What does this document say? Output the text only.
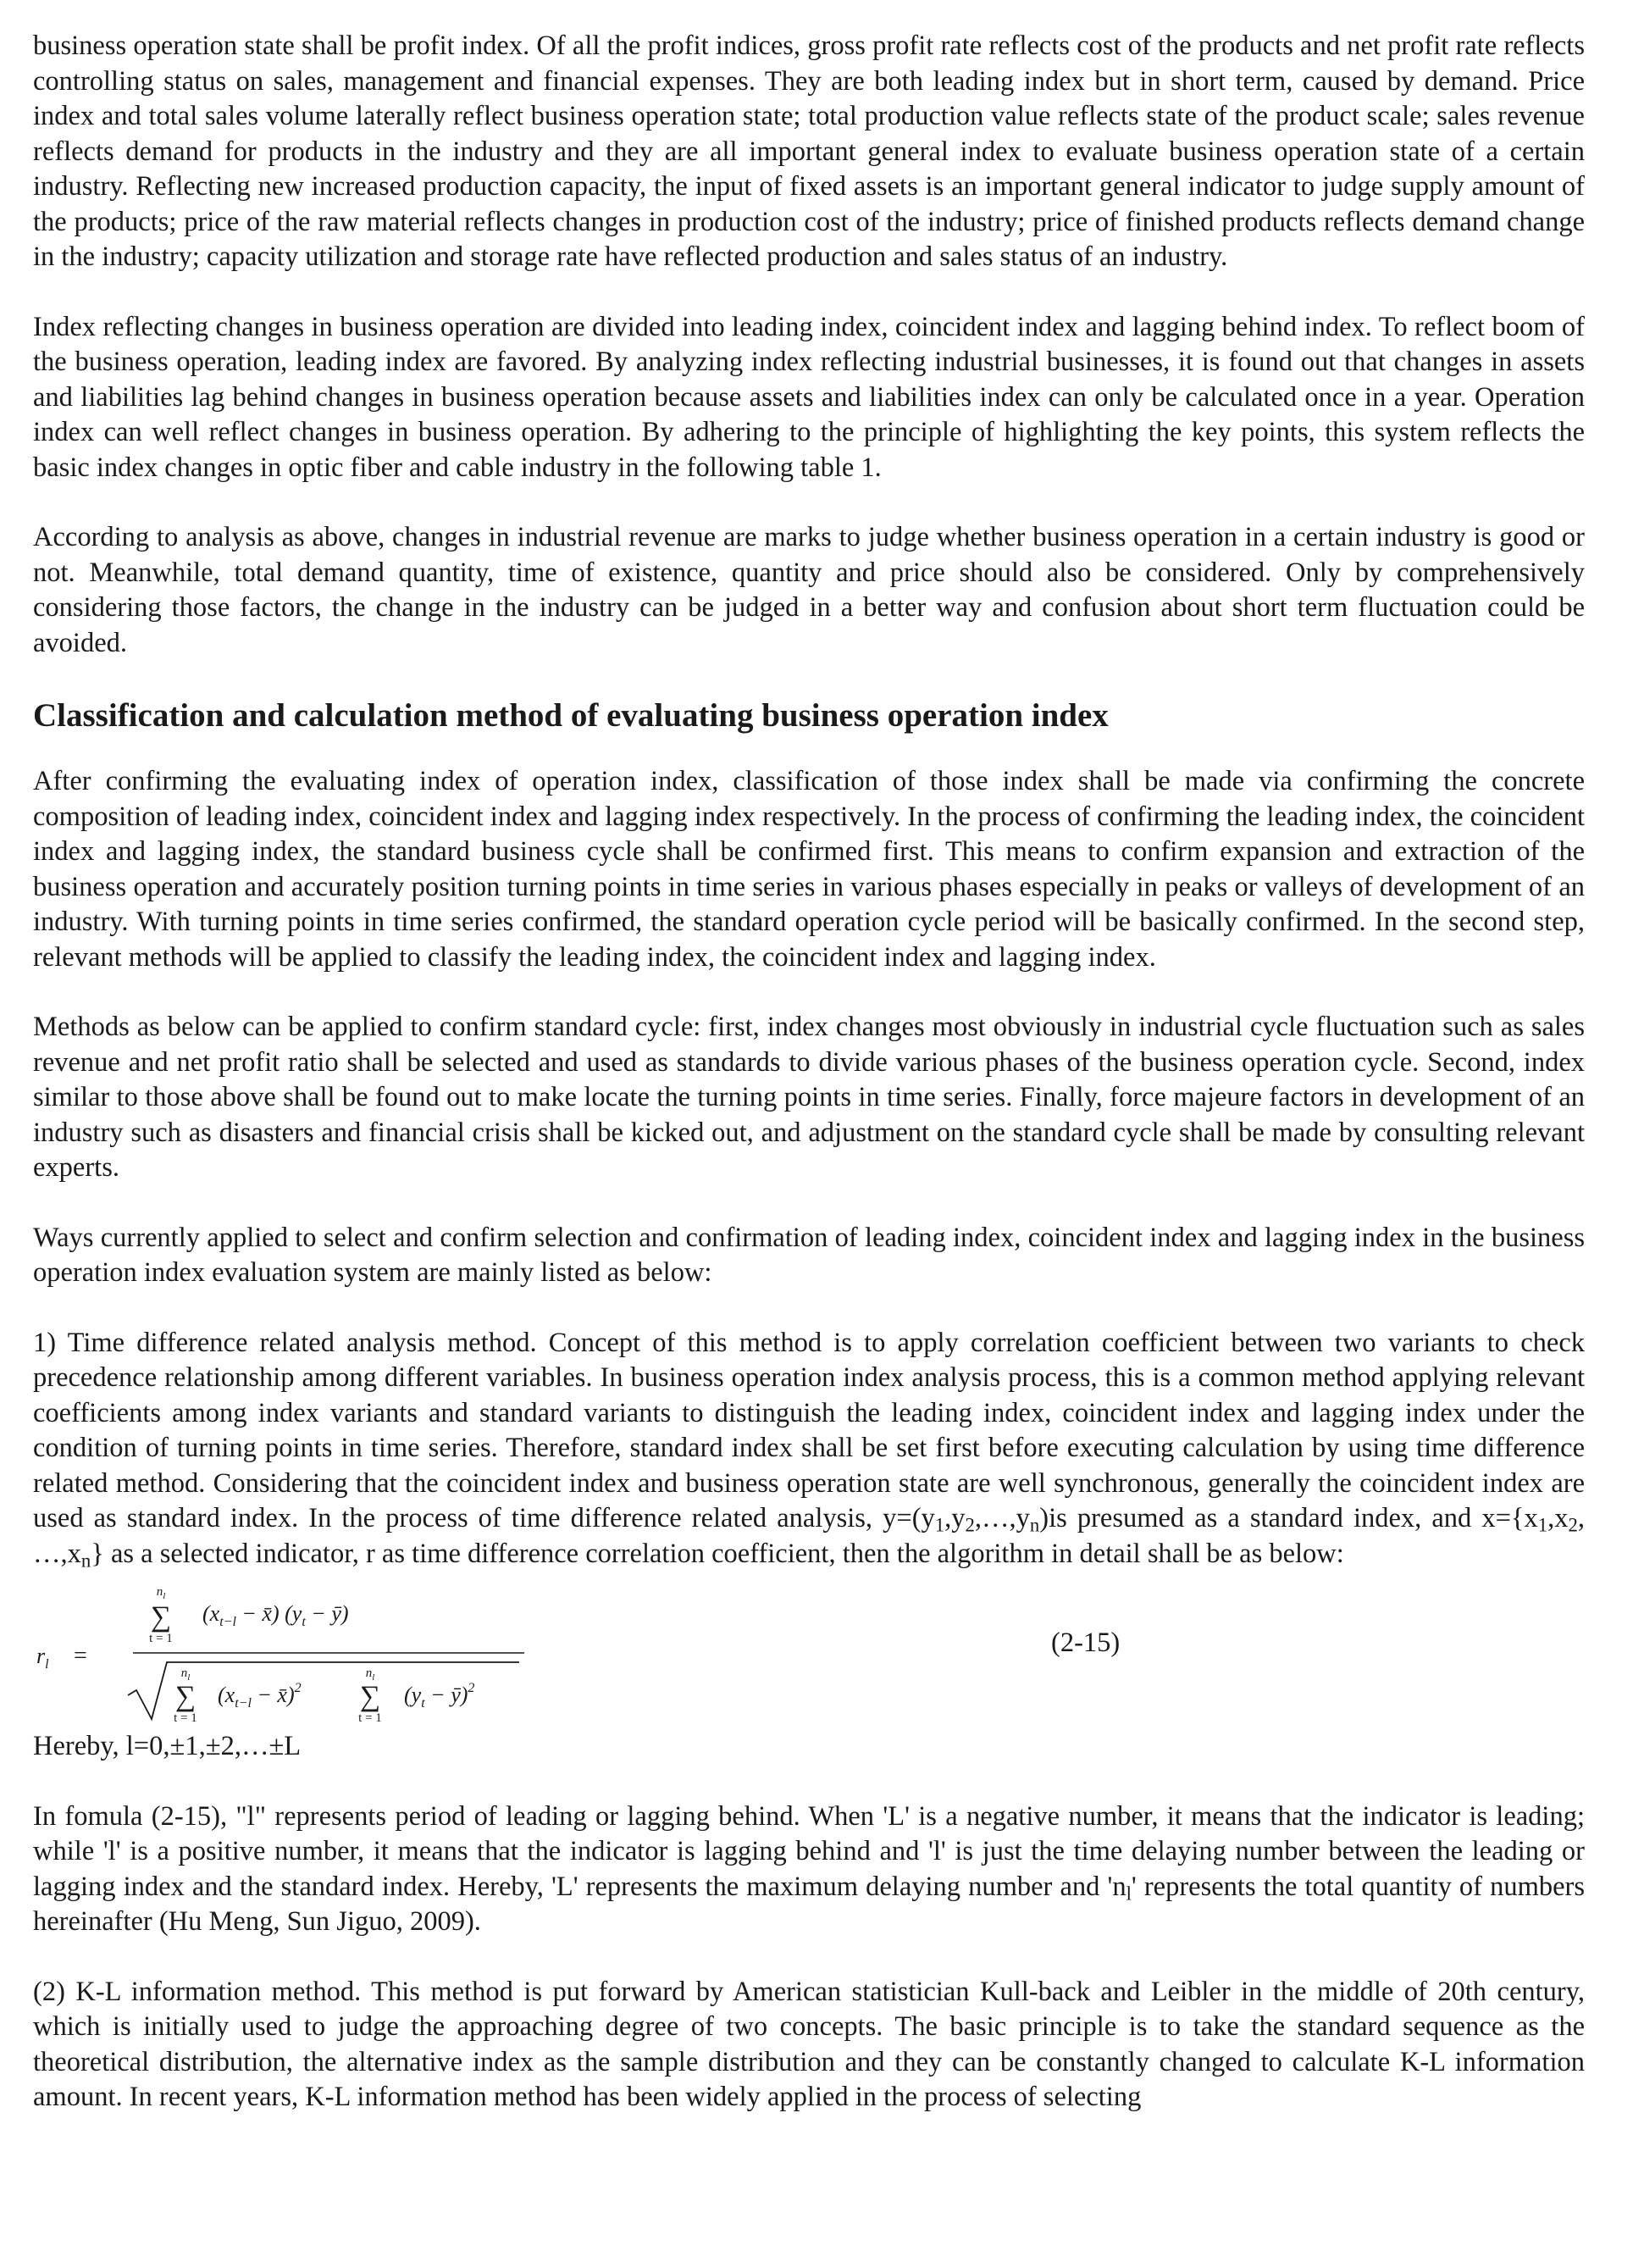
business operation state shall be profit index. Of all the profit indices, gross profit rate reflects cost of the products and net profit rate reflects controlling status on sales, management and financial expenses. They are both leading index but in short term, caused by demand. Price index and total sales volume laterally reflect business operation state; total production value reflects state of the product scale; sales revenue reflects demand for products in the industry and they are all important general index to evaluate business operation state of a certain industry. Reflecting new increased production capacity, the input of fixed assets is an important general indicator to judge supply amount of the products; price of the raw material reflects changes in production cost of the industry; price of finished products reflects demand change in the industry; capacity utilization and storage rate have reflected production and sales status of an industry.

Index reflecting changes in business operation are divided into leading index, coincident index and lagging behind index. To reflect boom of the business operation, leading index are favored. By analyzing index reflecting industrial businesses, it is found out that changes in assets and liabilities lag behind changes in business operation because assets and liabilities index can only be calculated once in a year. Operation index can well reflect changes in business operation. By adhering to the principle of highlighting the key points, this system reflects the basic index changes in optic fiber and cable industry in the following table 1.

According to analysis as above, changes in industrial revenue are marks to judge whether business operation in a certain industry is good or not. Meanwhile, total demand quantity, time of existence, quantity and price should also be considered. Only by comprehensively considering those factors, the change in the industry can be judged in a better way and confusion about short term fluctuation could be avoided.

Classification and calculation method of evaluating business operation index

After confirming the evaluating index of operation index, classification of those index shall be made via confirming the concrete composition of leading index, coincident index and lagging index respectively. In the process of confirming the leading index, the coincident index and lagging index, the standard business cycle shall be confirmed first. This means to confirm expansion and extraction of the business operation and accurately position turning points in time series in various phases especially in peaks or valleys of development of an industry. With turning points in time series confirmed, the standard operation cycle period will be basically confirmed. In the second step, relevant methods will be applied to classify the leading index, the coincident index and lagging index.

Methods as below can be applied to confirm standard cycle: first, index changes most obviously in industrial cycle fluctuation such as sales revenue and net profit ratio shall be selected and used as standards to divide various phases of the business operation cycle. Second, index similar to those above shall be found out to make locate the turning points in time series. Finally, force majeure factors in development of an industry such as disasters and financial crisis shall be kicked out, and adjustment on the standard cycle shall be made by consulting relevant experts.

Ways currently applied to select and confirm selection and confirmation of leading index, coincident index and lagging index in the business operation index evaluation system are mainly listed as below:

1) Time difference related analysis method. Concept of this method is to apply correlation coefficient between two variants to check precedence relationship among different variables. In business operation index analysis process, this is a common method applying relevant coefficients among index variants and standard variants to distinguish the leading index, coincident index and lagging index under the condition of turning points in time series. Therefore, standard index shall be set first before executing calculation by using time difference related method. Considering that the coincident index and business operation state are well synchronous, generally the coincident index are used as standard index. In the process of time difference related analysis, $y=(y_1,y_2,\dots,y_n)is$ presumed as a standard index, and $x=\{x_1,x_2$, $\dots,x_n$} as a selected indicator, r as time difference correlation coefficient, then the algorithm in detail shall be as below:

$r_l$ =
$n_l$
∑
t = 1
($x_{t-l}$ − x̄) ($y_t$ − ȳ)
$n_l$
∑
t = 1
($x_{t-l}$ − x̄)$^2$
$n_l$
∑
t = 1
($y_t$ − ȳ)$^2$
(2-15)

Hereby, l=0,±1,±2,…±L

In fomula (2-15), "l" represents period of leading or lagging behind. When 'L' is a negative number, it means that the indicator is leading; while 'l' is a positive number, it means that the indicator is lagging behind and 'l' is just the time delaying number between the leading or lagging index and the standard index. Hereby, 'L' represents the maximum delaying number and '$n_l$' represents the total quantity of numbers hereinafter (Hu Meng, Sun Jiguo, 2009).

(2) K-L information method. This method is put forward by American statistician Kull-back and Leibler in the middle of 20th century, which is initially used to judge the approaching degree of two concepts. The basic principle is to take the standard sequence as the theoretical distribution, the alternative index as the sample distribution and they can be constantly changed to calculate K-L information amount. In recent years, K-L information method has been widely applied in the process of selecting
